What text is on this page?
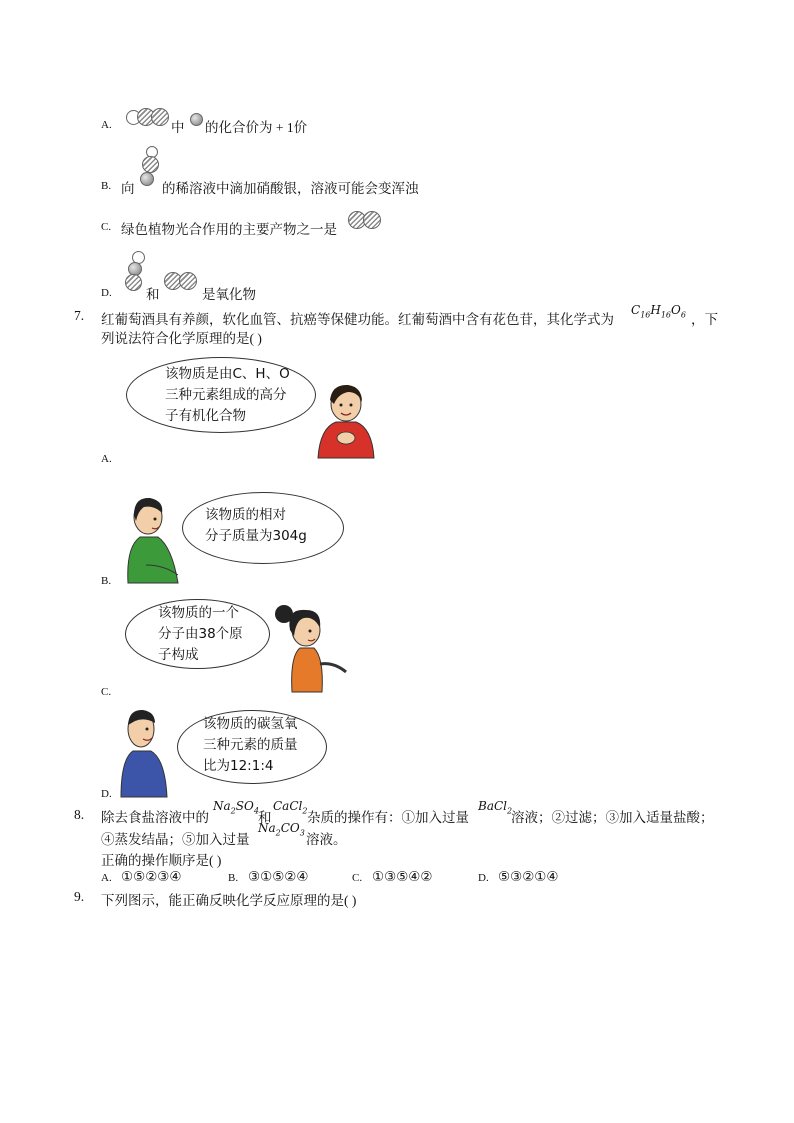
A.	中 的化合价为 + 1价
B. 向 的稀溶液中滴加硝酸银，溶液可能会变浑浊
C. 绿色植物光合作用的主要产物之一是
D.	和	是氧化物
7. 红葡萄酒具有养颜，软化血管、抗癌等保健功能。红葡萄酒中含有花色苷，其化学式为
$C_{16}H_{16}O_6$ ，下
列说法符合化学原理的是( )
A.
该物质是由C、H、O
三种元素组成的高分
子有机化合物
B.
该物质的相对
分子质量为304g
C.
该物质的一个
分子由38个原
子构成
D.
该物质的碳氢氧
三种元素的质量
比为12:1:4
8. 除去食盐溶液中的
$Na_2SO_4$ 和
CaCl$_2$ 杂质的操作有：①加入过量
BaCl$_2$
溶液；②过滤；③加入适量盐酸；
④蒸发结晶；⑤加入过量
$Na_2CO_3$ 溶液。
正确的操作顺序是( )
A. ①⑤②③④	B. ③①⑤②④	C. ①③⑤④②	D. ⑤③②①④
9. 下列图示，能正确反映化学反应原理的是( )
